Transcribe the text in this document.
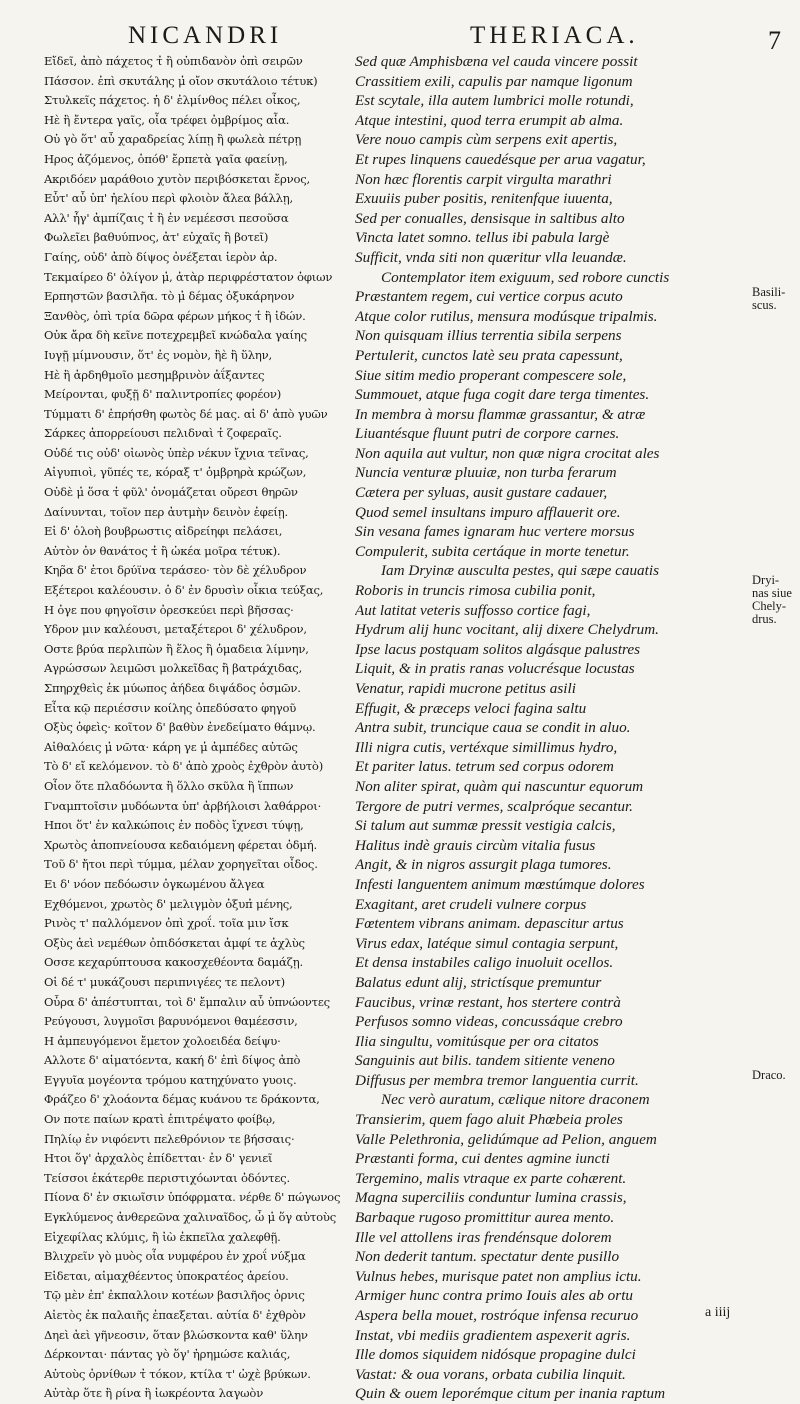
NICANDRI	THERIACA.	7
Εἴδεῖ, ἀπὸ πάχετος τ̓ ἢ οὐπιδανὸν ὀπὶ σειρῶν
Πάσσον. ἐπὶ σκυτάλης μ̔ οἴον σκυτάλοιο τέτυκ)
Στυλκεῖς πάχετος. ἡ δ' ἐλμίνθος πέλει οἶκος,
Ηὲ ἢ ἔντερα γαῖς, οἷα τρέφει ὀμβρίμος αἶα.
Οὐ γὸ ὅτ' αὖ χαραδρείας λίπῃ ἢ φωλεὰ πέτρῃ
Ηρος ἀζόμενος, ὁπόθ' ἔρπετὰ γαῖα φαείνῃ,
Ακριδόεν μαράθοιο χυτὸν περιβόσκεται ἔρνος,
Εὖτ' αὖ ὑπ' ἠελίου περὶ φλοιὸν ἄλεα βάλλῃ,
Αλλ' ἦγ' ἀμπίζαις τ̓ ἢ ἐν νεμέεσσι πεσοῦσα
Φωλεῖει βαθυύπνος, ἀτ' εὐχαῖς ἢ βοτεῖ)
Γαίης, οὐδ' ἀπὸ δίψος ὀνέξεται ἱερὸν ἀρ.
Τεκμαίρεο δ' ὀλίγον μ̔, ἀτὰρ περιφρέστατον ὀφιων
Ερπηστῶν βασιλῆα. τὸ μ̔ δέμας ὀξυκάρηνον
Ξανθὸς, ὀπὶ τρία δῶρα φέρων μήκος τ̓ ἢ ἰδών.
Οὐκ ἄρα δὴ κεῖνε ποτεχρεμβεῖ κνώδαλα γαίης
Ιυγῇ μίμνουσιν, ὅτ' ἐς νομὸν, ἢὲ ἢ ὕλην,
Ηὲ ἢ ἀρδηθμοῖο μεσημβρινὸν ἀΐξαντες
Μείρονται, φυξῇ δ' παλιντροπίες φορέον)
Τύμματι δ' ἐπρήσθη φωτὸς δέ μας. αἱ δ' ἀπὸ γυῶν
Σάρκες ἀπορρείουσι πελιδναὶ τ̓ ζοφεραῖς.
Οὐδέ τις οὐδ' οἰωνὸς ὑπὲρ νέκυν ἴχνια τεῖνας,
Αἰγυπιοὶ, γῦπές τε, κόραξ τ' ὀμβρηρὰ κρώζων,
Οὐδὲ μ̔ ὅσα τ̓ φῦλ' ὀνομάζεται οὔρεσι θηρῶν
Δαίνυνται, τοῖον περ ἀυτμὴν δεινὸν ἐφείῃ.
Εἰ δ' ὁλοὴ βουβρωστις αἰδρείηφι πελάσει,
Αὐτὸν ὀν θανάτος τ̓ ἢ ὠκέα μοῖρα τέτυκ).
Κηρ̃α δ' ἐτοι δρύϊνα τεράσεο· τὸν δὲ χέλυδρον
Εξέτεροι καλέουσιν. ὁ δ' ἐν δρυσὶν οἶκια τεύξας,
Η ὀγε που φηγοῖσιν ὀρεσκεύει περὶ βῆσσας·
Υδρον μιν καλέουσι, μεταξέτεροι δ' χέλυδρον,
Οστε βρύα περλιπὼν ἢ ἕλος ἢ ὁμαδεια λίμνην,
Αγρώσσων λειμῶσι μολκεῖδας ἢ βατράχιδας,
Σπηρχθεὶς ἐκ μύωπος ἀήδεα διψάδος ὀσμῶν.
Εἶτα κῷ περιέσσιν κοίλης ὀπεδύσατο φηγοῦ
Οξὺς ὀφεὶς· κοῖτον δ' βαθὺν ἐνεδείματο θάμνῳ.
Αἰθαλόεις μ̔ νῶτα· κάρη γε μ̔ ἀμπέδες αὐτῶς
Τὸ δ' εἴ κελόμενον. τὸ δ' ἀπὸ χροὸς ἐχθρὸν ἀυτὸ)
Οἶον ὅτε πλαδόωντα ἢ ὅλλο σκῦλα ἢ ἵππων
Γναμπτοῖσιν μυδόωντα ὑπ' ἀρβήλοισι λαθάρροι·
Ηποι ὅτ' ἐν καλκώποις ἐν ποδὸς ἴχνεσι τύψῃ,
Χρωτὸς ἀποπνείουσα κεδαιόμενη φέρεται ὀδμή.
Τοῦ δ' ἤτοι περὶ τύμμα, μέλαν χορηγεῖται οἶδος.
Ει δ' νόον πεδόωσιν ὀγκωμένου ἄλγεα
Εχθόμενοι, χρωτὸς δ' μελιγμὸν ὀξυπ̓ μένης,
Ρινὸς τ' παλλόμενον ὀπὶ χροΐ. τοῖα μιν ἴσκ
Οξὺς ἀεὶ νεμέθων ὀπιδόσκεται ἀμφί τε ἀχλὺς
Οσσε κεχαρύπτουσα κακοσχεθέοντα δαμάζῃ.
Οἱ δέ τ' μυκάζουσι περιπνιγέες τε πελοντ)
Οὖρα δ' ἀπέστυπται, τοὶ δ' ἔμπαλιν αὖ ὑπνώοντες
Ρεύγουσι, λυγμοῖσι βαρυνόμενοι θαμέεσσιν,
Η ἀμπευγόμενοι ἔμετον χολοειδέα δείψυ·
Αλλοτε δ' αἱματόεντα, κακή δ' ἐπὶ δίψος ἀπὸ
Εγγυῖα μογέοντα τρόμου κατηχύνατο γυοις.
Φράζεο δ' χλοάοντα δέμας κυάνου τε δράκοντα,
Ον ποτε παίων κρατὶ ἐπιτρέψατο φοίβῳ,
Πηλίῳ ἐν νιφόεντι πελεθρόνιον τε βήσσαις·
Ητοι ὅγ' ἀρχαλὸς ἐπίδετται· ἐν δ' γενιεῖ
Τείσσοι ἑκάτερθε περιστιχόωνται ὀδόντες.
Πίονα δ' ἐν σκιωῖσιν ὑπόφρματα. νέρθε δ' πώγωνος
Εγκλύμενος ἀνθερεῶνα χαλιναῖδος, ὧ μ̔ ὅγ αὐτοὺς
Εἰχεφίλας κλύμις, ἢ ἰὼ ἐκπεῖλα χαλεφθῇ.
Βλιχρεῖν γὸ μυὸς οἷα νυμφέρου ἐν χροΐ νύξμα
Εἰδεται, αἰμαχθέεντος ὑποκρατέος ἀρείου.
Τῷ μὲν ἐπ' ἐκπαλλοιν κοτέων βασιλῆος ὀρνις
Αἰετὸς ἐκ παλαιῆς ἐπαεξεται. αὐτία δ' ἐχθρὸν
Δηεὶ ἀεὶ γῆνεοσιν, ὅταν βλώσκοντα καθ' ὕλην
Δέρκονται· πάντας γὸ ὅγ' ἠρημώσε καλιάς,
Αὐτοὺς ὀρνίθων τ̓ τόκον, κτίλα τ' ὠχὲ βρύκων.
Αὐτὰρ ὅτε ἢ ρίνα ἢ ἰωκρέοντα λαγωὸν
Sed quæ Amphisbæna vel cauda vincere possit
Crassitiem exili, capulis par namque ligonum
Est scytale, illa autem lumbrici molle rotundi,
Atque intestini, quod terra erumpit ab alma.
Vere nouo campis cùm serpens exit apertis,
Et rupes linquens cauedésque per arua vagatur,
Non hæc florentis carpit virgulta marathri
Exuuiis puber positis, renitenfque iuuenta,
Sed per conualles, densisque in saltibus alto
Vincta latet somno. tellus ibi pabula largè
Sufficit, vnda siti non quæritur vlla leuandæ.
Contemplator item exiguum, sed robore cunctis
Præstantem regem, cui vertice corpus acuto
Atque color rutilus, mensura modúsque tripalmis.
Non quisquam illius terrentia sibila serpens
Pertulerit, cunctos latè seu prata capessunt,
Siue sitim medio properant compescere sole,
Summouet, atque fuga cogit dare terga timentes.
In membra à morsu flammæ grassantur, & atræ
Liuantésque fluunt putri de corpore carnes.
Non aquila aut vultur, non quæ nigra crocitat ales
Nuncia venturæ pluuiæ, non turba ferarum
Cætera per syluas, ausit gustare cadauer,
Quod semel insultans impuro afflauerit ore.
Sin vesana fames ignaram huc vertere morsus
Compulerit, subita certáque in morte tenetur.
Iam Dryinæ ausculta pestes, qui sæpe cauatis
Roboris in truncis rimosa cubilia ponit,
Aut latitat veteris suffosso cortice fagi,
Hydrum alij hunc vocitant, alij dixere Chelydrum.
Ipse lacus postquam solitos algásque palustres
Liquit, & in pratis ranas volucrésque locustas
Venatur, rapidi mucrone petitus asili
Effugit, & præceps veloci fagina saltu
Antra subit, truncique caua se condit in aluo.
Illi nigra cutis, vertéxque simillimus hydro,
Et pariter latus. tetrum sed corpus odorem
Non aliter spirat, quàm qui nascuntur equorum
Tergore de putri vermes, scalpróque secantur.
Si talum aut summæ pressit vestigia calcis,
Halitus indè grauis circùm vitalia fusus
Angit, & in nigros assurgit plaga tumores.
Infesti languentem animum mœstúmque dolores
Exagitant, aret crudeli vulnere corpus
Fœtentem vibrans animam. depascitur artus
Virus edax, latéque simul contagia serpunt,
Et densa instabiles caligo inuoluit ocellos.
Balatus edunt alij, strictísque premuntur
Faucibus, vrinæ restant, hos stertere contrà
Perfusos somno videas, concussáque crebro
Ilia singultu, vomitúsque per ora citatos
Sanguinis aut bilis. tandem sitiente veneno
Diffusus per membra tremor languentia currit.
Nec verò auratum, cælique nitore draconem
Transierim, quem fago aluit Phœbeia proles
Valle Pelethronia, gelidúmque ad Pelion, anguem
Præstanti forma, cui dentes agmine iuncti
Tergemino, malis vtraque ex parte cohærent.
Magna superciliis conduntur lumina crassis,
Barbaque rugoso promittitur aurea mento.
Ille vel attollens iras frendénsque dolorem
Non dederit tantum. spectatur dente pusillo
Vulnus hebes, murisque patet non amplius ictu.
Armiger hunc contra primo Iouis ales ab ortu
Aspera bella mouet, rostróque infensa recuruo
Instat, vbi mediis gradientem aspexerit agris.
Ille domos siquidem nidósque propagine dulci
Vastat: & oua vorans, orbata cubilia linquit.
Quin & ouem leporémque citum per inania raptum
Basili- scus.
Dryi- nas siue Chely- drus.
Draco.
a iiij
